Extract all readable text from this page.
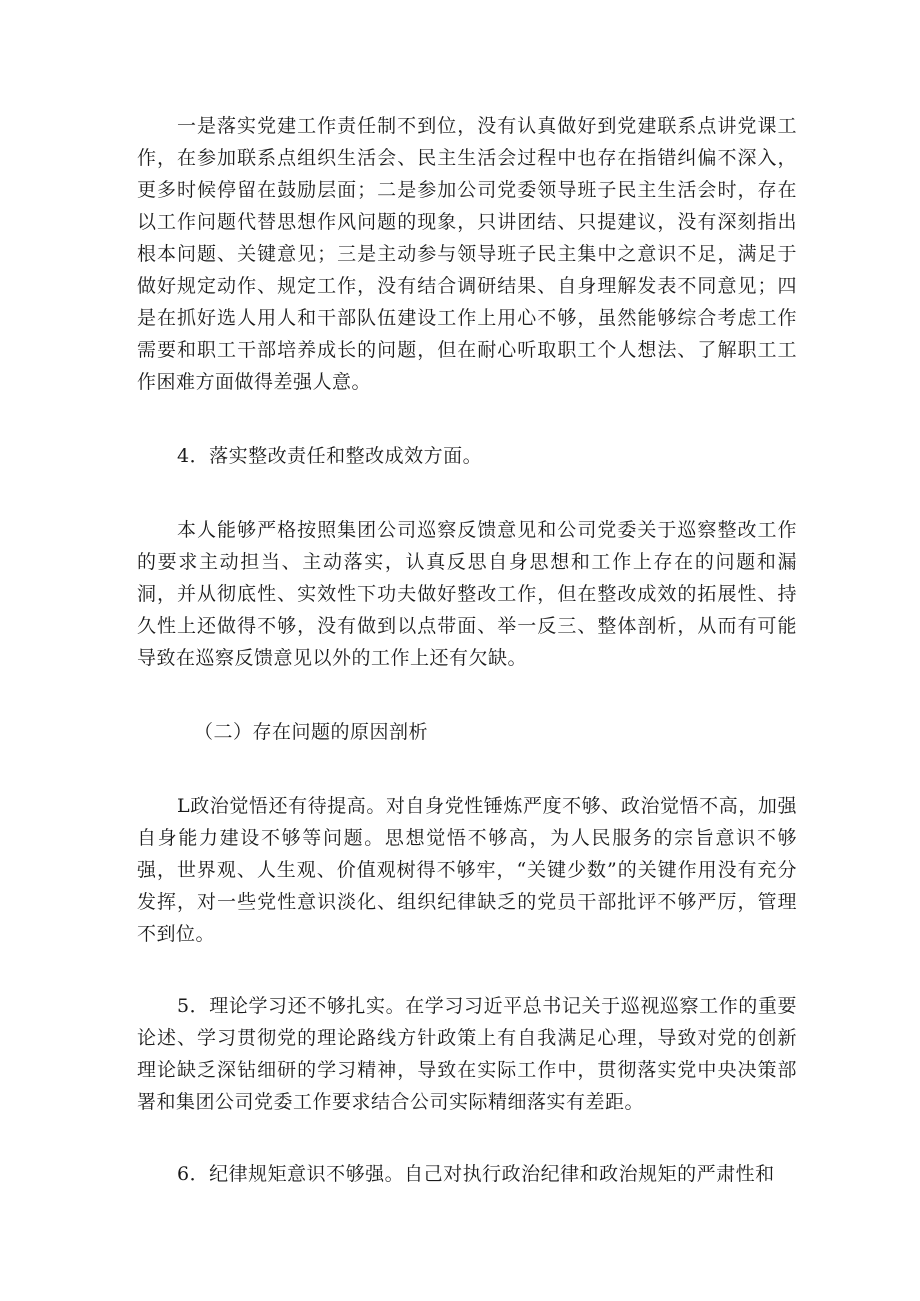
一是落实党建工作责任制不到位，没有认真做好到党建联系点讲党课工作，在参加联系点组织生活会、民主生活会过程中也存在指错纠偏不深入，更多时候停留在鼓励层面；二是参加公司党委领导班子民主生活会时，存在以工作问题代替思想作风问题的现象，只讲团结、只提建议，没有深刻指出根本问题、关键意见；三是主动参与领导班子民主集中之意识不足，满足于做好规定动作、规定工作，没有结合调研结果、自身理解发表不同意见；四是在抓好选人用人和干部队伍建设工作上用心不够，虽然能够综合考虑工作需要和职工干部培养成长的问题，但在耐心听取职工个人想法、了解职工工作困难方面做得差强人意。

4．落实整改责任和整改成效方面。

本人能够严格按照集团公司巡察反馈意见和公司党委关于巡察整改工作的要求主动担当、主动落实，认真反思自身思想和工作上存在的问题和漏洞，并从彻底性、实效性下功夫做好整改工作，但在整改成效的拓展性、持久性上还做得不够，没有做到以点带面、举一反三、整体剖析，从而有可能导致在巡察反馈意见以外的工作上还有欠缺。

（二）存在问题的原因剖析

L政治觉悟还有待提高。对自身党性锤炼严度不够、政治觉悟不高，加强自身能力建设不够等问题。思想觉悟不够高，为人民服务的宗旨意识不够强，世界观、人生观、价值观树得不够牢，“关键少数”的关键作用没有充分发挥，对一些党性意识淡化、组织纪律缺乏的党员干部批评不够严厉，管理不到位。

5．理论学习还不够扎实。在学习习近平总书记关于巡视巡察工作的重要论述、学习贯彻党的理论路线方针政策上有自我满足心理，导致对党的创新理论缺乏深钻细研的学习精神，导致在实际工作中，贯彻落实党中央决策部署和集团公司党委工作要求结合公司实际精细落实有差距。

6．纪律规矩意识不够强。自己对执行政治纪律和政治规矩的严肃性和
